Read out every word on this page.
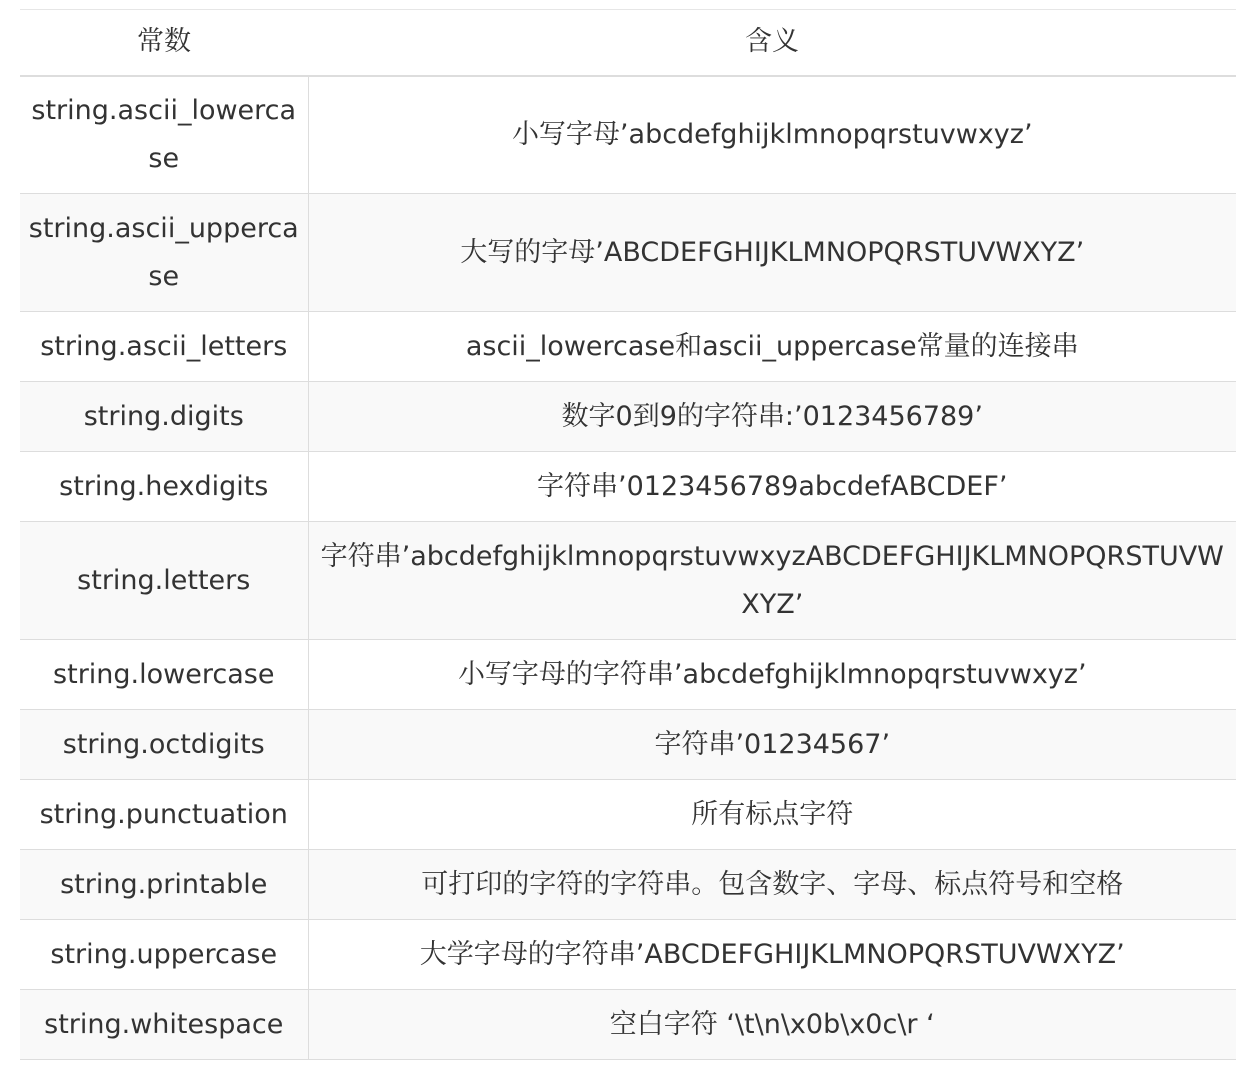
常数	含义
string.ascii_lowercase	小写字母’abcdefghijklmnopqrstuvwxyz’
string.ascii_uppercase	大写的字母’ABCDEFGHIJKLMNOPQRSTUVWXYZ’
string.ascii_letters	ascii_lowercase和ascii_uppercase常量的连接串
string.digits	数字0到9的字符串:’0123456789’
string.hexdigits	字符串’0123456789abcdefABCDEF’
string.letters	字符串’abcdefghijklmnopqrstuvwxyzABCDEFGHIJKLMNOPQRSTUVWXYZ’
string.lowercase	小写字母的字符串’abcdefghijklmnopqrstuvwxyz’
string.octdigits	字符串’01234567’
string.punctuation	所有标点字符
string.printable	可打印的字符的字符串。包含数字、字母、标点符号和空格
string.uppercase	大学字母的字符串’ABCDEFGHIJKLMNOPQRSTUVWXYZ’
string.whitespace	空白字符 ‘\t\n\x0b\x0c\r ‘
